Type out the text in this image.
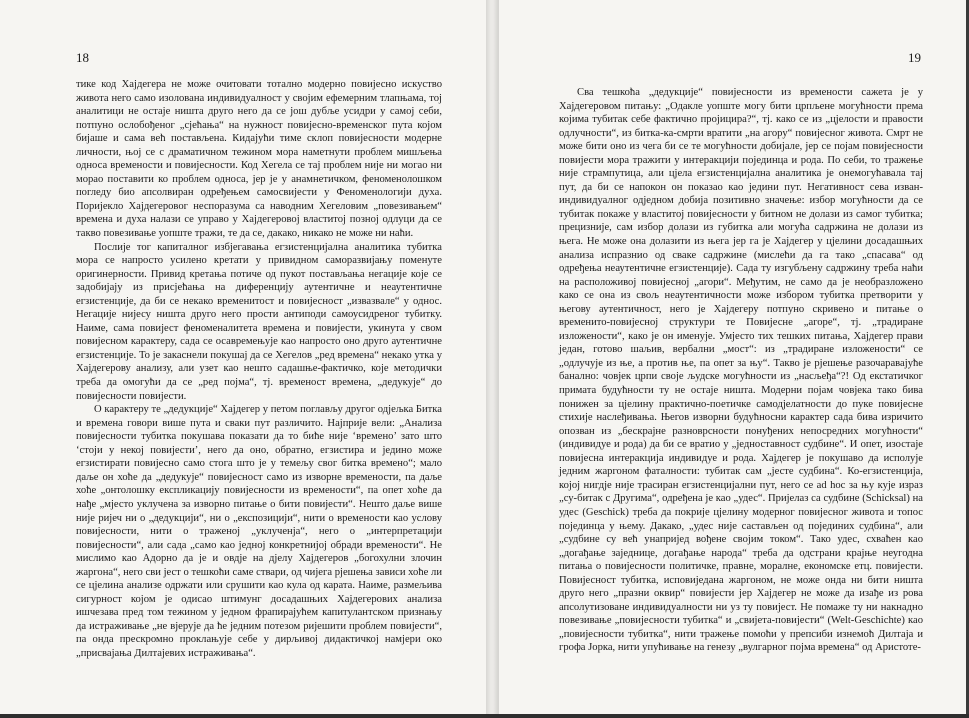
18

тике код Хајдегера не може очитовати тотално модерно повијесно искуство живота него само изолована индивидуалност у својим ефемерним тлапњама, тој аналитици не остаје ништа друго него да се још дубље усидри у самој себи, потпуно ослобођеног „сјећања“ на нужност повијесно-временског пута којом бијаше и сама већ постављена. Кидајући тиме склоп повијесности модерне личности, њој се с драматичном тежином мора наметнути проблем мишљења односа времености и повијесности. Код Хегела се тај проблем није ни могао ни морао поставити ко проблем односа, јер је у анамнетичком, феноменолошком погледу био апсолвиран одређењем самосвијести у Феноменологији духа. Поријекло Хајдегеровог неспоразума са наводним Хегеловим „повезивањем“ времена и духа налази се управо у Хајдегеровој властитој позној одлуци да се такво повезивање уопште тражи, те да се, дакако, никако не може ни наћи.

Послије тог капиталног избјегавања егзистенцијална аналитика тубитка мора се напросто усилено кретати у привидном саморазвијању поменуте оригинерности. Привид кретања потиче од пукот постављања негације које се задобијају из присјећања на диференцију аутентичне и неаутентичне егзистенције, да би се некако временитост и повијесност „извазвале“ у однос. Негације нијесу ништа друго него прости антиподи самоусидреног тубитку. Наиме, сама повијест феноменалитета времена и повијести, укинута у свом повијесном карактеру, сада се осавремењује као напросто оно друго аутентичне егзистенције. То је закаснели покушај да се Хегелов „ред времена“ некако утка у Хајдегерову анализу, али узет као нешто садашње-фактичко, које методички треба да омогући да се „ред појма“, тј. временост времена, „дедукује“ до повијесности повијести.

О карактеру те „дедукције“ Хајдегер у петом поглављу другог одјељка Битка и времена говори више пута и сваки пут различито. Најприје вели: „Анализа повијесности тубитка покушава показати да то биће није ‘времено’ зато што ‘стоји у некој повијести’, него да оно, обратно, егзистира и једино може егзистирати повијесно само стога што је у темељу свог битка времено“; мало даље он хоће да „дедукује“ повијесност само из изворне времености, па даље хоће „онтолошку експликацију повијесности из времености“, па опет хоће да нађе „мјесто уклучена за изворно питање о бити повијести“. Нешто даље више није ријеч ни о „дедукцији“, ни о „експозицији“, нити о времености као услову повијесности, нити о траженој „уклученја“, него о „интерпретацији повијесности“, али сада „само као једној конкретнијој обради времености“. Не мислимо као Адорно да је и овдје на дјелу Хајдегеров „богохулни злочин жаргона“, него сви јест о тешкоћи саме ствари, од чијега рјешења зависи хоће ли се цјелина анализе одржати или срушити као кула од карата. Наиме, размељива сигурност којом је одисао штимунг досадашњих Хајдегерових анализа ишчезава пред том тежином у једном фрапирајућем капитулантском признању да истраживање „не вјерује да ће једним потезом ријешити проблем повијести“, па онда прескромно проклањује себе у дирљивој дидактичкој намјери око „присвајања Дилтајевих истраживања“.

19

Сва тешкоћа „дедукције“ повијесности из времености сажета је у Хајдегеровом питању: „Одакле уопште могу бити црпљене могућности према којима тубитак себе фактично пројицира?“, тј. како се из „цјелости и правости одлучности“, из битка-ка-смрти вратити „на агору“ повијесног живота. Смрт не може бити оно из чега би се те могућности добијале, јер се појам повијесности повијести мора тражити у интеракцији појединца и рода. По себи, то тражење није стрампутица, али цјела егзистенцијална аналитика је онемогућавала тај пут, да би се напокон он показао као једини пут. Негативност сева изван-индивидуалног одједном добија позитивно значење: избор могућности да се тубитак покаже у властитој повијесности у битном не долази из самог тубитка; прецизније, сам избор долази из губитка али могућа садржина не долази из њега. Не може она долазити из њега јер га је Хајдегер у цјелини досадашњих анализа испразнио од сваке садржине (мислећи да га тако „спасава“ од одређења неаутентичне егзистенције). Сада ту изгубљену садржину треба наћи на расположивој повијесној „агори“. Међутим, не само да је необразложено како се она из свољ неаутентичности може избором тубитка претворити у његову аутентичност, него је Хајдегеру потпуно скривено и питање о временито-повијесној структури те Повијесне „агоре“, тј. „традиране изложености“, како је он именује. Умјесто тих тешких питања, Хајдегер прави један, готово шаљив, вербални „мост“: из „традиране изложености“ се „одлучује из ње, а против ње, па опет за њу“. Такво је рјешење разочаравајуће банално: човјек црпи своје људске могућности из „насљеђа“?! Од екстатичког примата будућности ту не остаје ништа. Модерни појам човјека тако бива понижен за цјелину практично-поетичке самодјелатности до пуке повијесне стихије наслеђивања. Његов изворни будућносни карактер сада бива изричито опозван из „бескрајне разноврсности понуђених непосредних могућности“ (индивидуе и рода) да би се вратио у „једноставност судбине“. И опет, изостаје повијесна интеракција индивидуе и рода. Хајдегер је покушаво да исполује једним жаргоном фаталности: тубитак сам „јесте судбина“. Ко-егзистенција, којој нигдје није трасиран егзистенцијални пут, него се ad hoc за њу кује израз „су-битак с Другима“, одређена је као „удес“. Пријелаз са судбине (Schicksal) на удес (Geschick) треба да покрије цјелину модерног повијесног живота и топос појединца у њему. Дакако, „удес није састављен од појединих судбина“, али „судбине су већ унапријед вођене својим током“. Тако удес, схваћен као „догађање заједнице, догађање народа“ треба да одстрани крајње неугодна питања о повијесности политичке, правне, моралне, економске етц. повијести. Повијесност тубитка, исповиједана жаргоном, не може онда ни бити ништа друго него „празни оквир“ повијести јер Хајдегер не може да изађе из рова апсолутизоване индивидуалности ни уз ту повијест. Не помаже ту ни накнадно повезивање „повијесности тубитка“ и „свијета-повијести“ (Welt-Geschichte) као „повијесности тубитка“, нити тражење помоћи у препсиби изнемоћ Дилтаја и грофа Јорка, нити упућивање на генезу „вулгарног појма времена“ од Аристоте-
